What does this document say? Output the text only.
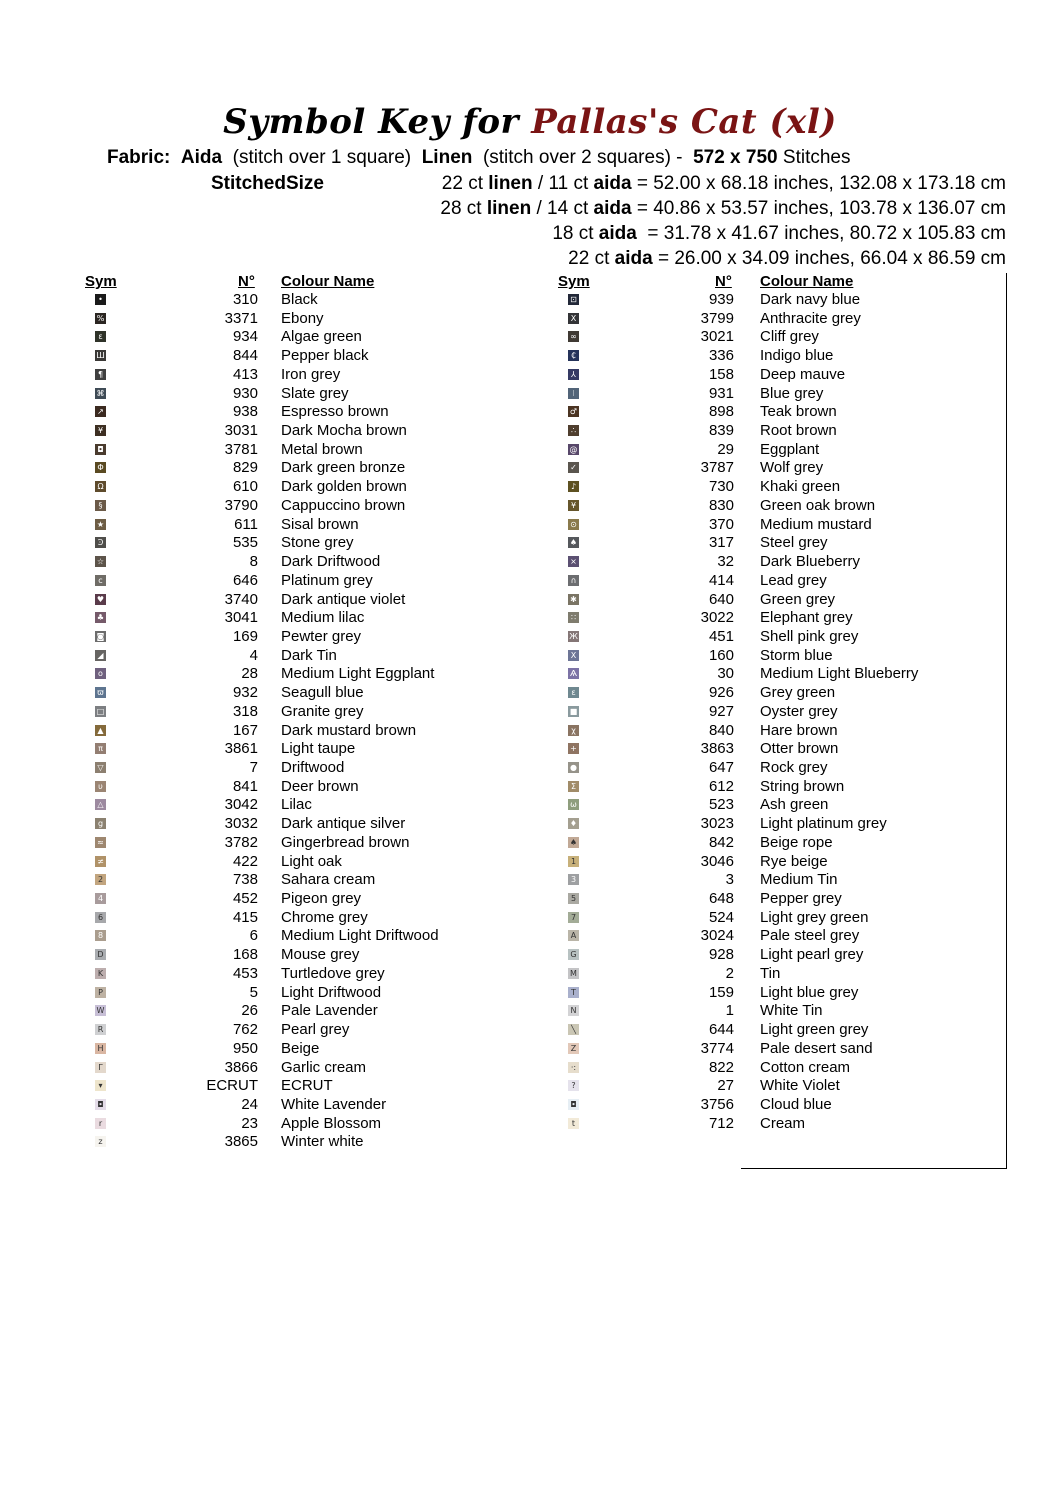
Symbol Key for Pallas's Cat (xl)
Fabric: Aida (stitch over 1 square) Linen (stitch over 2 squares) - 572 x 750 Stitches
StitchedSize	22 ct linen / 11 ct aida = 52.00 x 68.18 inches, 132.08 x 173.18 cm
28 ct linen / 14 ct aida = 40.86 x 53.57 inches, 103.78 x 136.07 cm
18 ct aida  = 31.78 x 41.67 inches, 80.72 x 105.83 cm
22 ct aida = 26.00 x 34.09 inches, 66.04 x 86.59 cm
Sym	N° Colour Name	Sym	N° Colour Name
•	310 Black
%	3371 Ebony
ε	934 Algae green
Ш	844 Pepper black
¶	413 Iron grey
⌘	930 Slate grey
↗	938 Espresso brown
¥	3031 Dark Mocha brown
◘	3781 Metal brown
Φ	829 Dark green bronze
Ω	610 Dark golden brown
§	3790 Cappuccino brown
★	611 Sisal brown
Ͽ	535 Stone grey
☆	8 Dark Driftwood
c	646 Platinum grey
♥	3740 Dark antique violet
♣	3041 Medium lilac
◙	169 Pewter grey
◢	4 Dark Tin
o	28 Medium Light Eggplant
ϖ	932 Seagull blue
□	318 Granite grey
▲	167 Dark mustard brown
π	3861 Light taupe
▽	7 Driftwood
υ	841 Deer brown
△	3042 Lilac
g	3032 Dark antique silver
≈	3782 Gingerbread brown
≠	422 Light oak
2	738 Sahara cream
4	452 Pigeon grey
6	415 Chrome grey
8	6 Medium Light Driftwood
D	168 Mouse grey
K	453 Turtledove grey
P	5 Light Driftwood
W	26 Pale Lavender
R	762 Pearl grey
H	950 Beige
Γ	3866 Garlic cream
▾	ECRUT ECRUT
◘	24 White Lavender
r	23 Apple Blossom
z	3865 Winter white
⊡	939 Dark navy blue
X	3799 Anthracite grey
∞	3021 Cliff grey
₵	336 Indigo blue
⅄	158 Deep mauve
⁝	931 Blue grey
♂	898 Teak brown
∴	839 Root brown
@	29 Eggplant
✓	3787 Wolf grey
♪	730 Khaki green
¥	830 Green oak brown
⊙	370 Medium mustard
♠	317 Steel grey
×	32 Dark Blueberry
∩	414 Lead grey
✱	640 Green grey
∷	3022 Elephant grey
Ж	451 Shell pink grey
X	160 Storm blue
Ѧ	30 Medium Light Blueberry
ε	926 Grey green
■	927 Oyster grey
χ	840 Hare brown
+	3863 Otter brown
●	647 Rock grey
Σ	612 String brown
ω	523 Ash green
♦	3023 Light platinum grey
♠	842 Beige rope
1	3046 Rye beige
3	3 Medium Tin
5	648 Pepper grey
7	524 Light grey green
A	3024 Pale steel grey
G	928 Light pearl grey
M	2 Tin
T	159 Light blue grey
N	1 White Tin
╲	644 Light green grey
Z	3774 Pale desert sand
·:	822 Cotton cream
?	27 White Violet
◘	3756 Cloud blue
t	712 Cream
